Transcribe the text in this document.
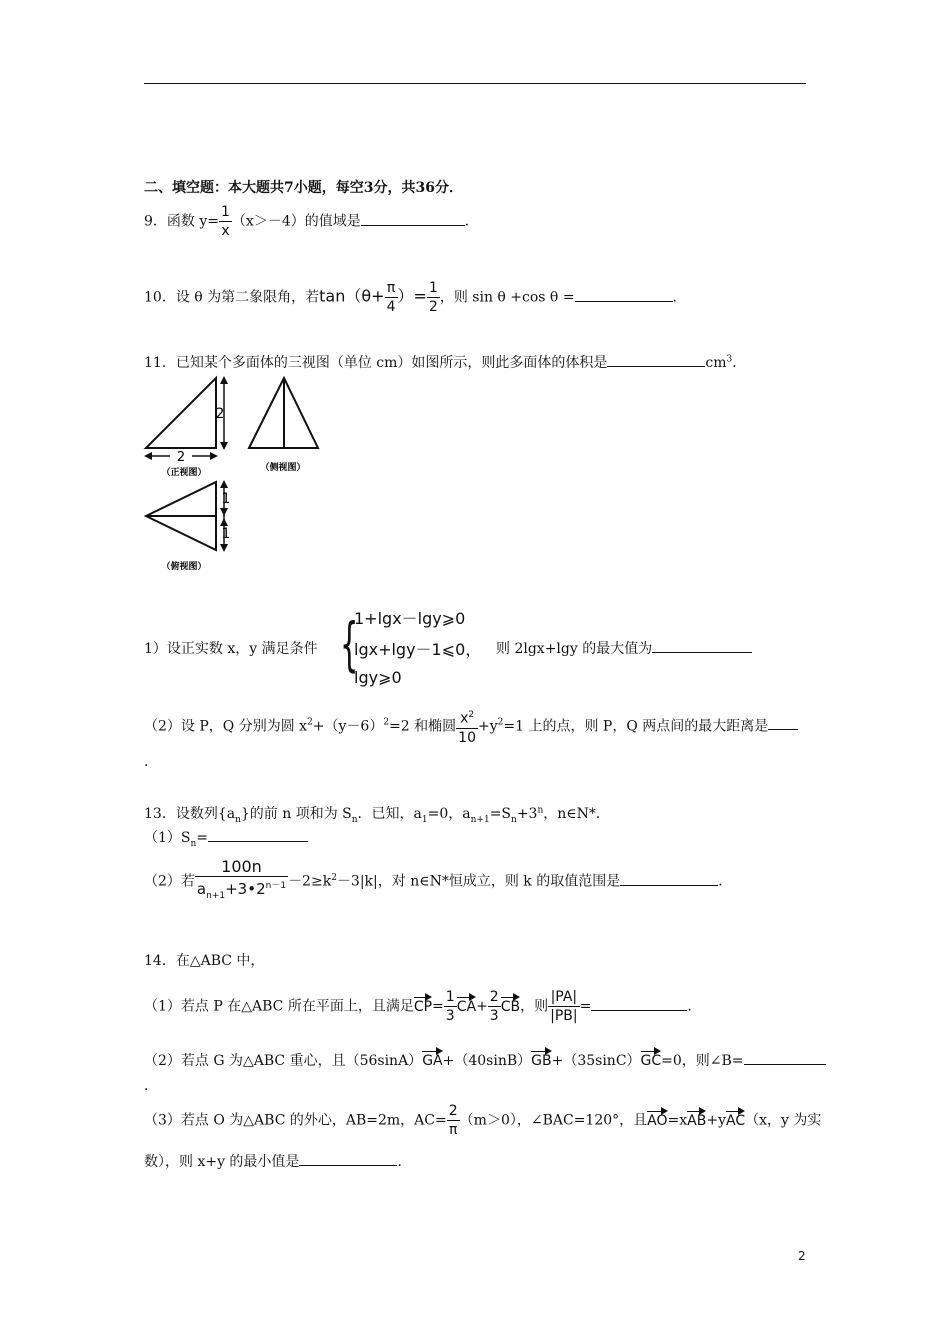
二、填空题：本大题共7小题，每空3分，共36分．
9．函数 $y= \frac{1}{x} (x>-4)$的值域是	．
10．设 θ 为第二象限角，若$\tan(\theta+ \frac{\pi}{4}$ ）= $\frac{1}{2}$ ，则 sin θ +cos θ =	．
11．已知某个多面体的三视图（单位 cm）如图所示，则此多面体的体积是	$cm^3$．
2
2
1
1
（正视图）	（侧视图）
（俯视图）
1）设正实数 x，y 满足条件 {
1+lgx－lgy⩾0
lgx+lgy－1⩽0， 则 2lgx+lgy 的最大值为
lgy⩾0
（2）设 P，Q 分别为圆 $x^2+(y-6)^2=2$ 和椭圆 $\frac{x^2}{10} +y^2=1$ 上的点，则 P，Q 两点间的最大距离是
．
13．设数列$\{a_n\}$的前 n 项和为 $S_n$．已知，$a_1=0$，$a_{n+1}=S_n+3^n$，n∈N*．
$(1)S_n=$
（2）若 $\frac{100n}{a_{n+1}+3•2^{n-1}} -2\ge k^2-3|k|$，对 n∈N*恒成立，则 k 的取值范围是	．
14．在△ABC 中，
（1）若点 P 在△ABC 所在平面上，且满足$CP= \frac{1}{3} CA+ \frac{2}{3}$ CB，则 $\frac{|PA|}{|PB|}$ =	．
（2）若点 G 为△ABC 重心，且（56sinA）GA+（40sinB）GB+（35sinC）GC=0，则∠B=
．
（3）若点 O 为△ABC 的外心，AB=2m，$AC= \frac{2}{\pi} (m>0)$，∠BAC=120°，且AO=xAB+yAC（x，y 为实
数），则 x+y 的最小值是	．
2
